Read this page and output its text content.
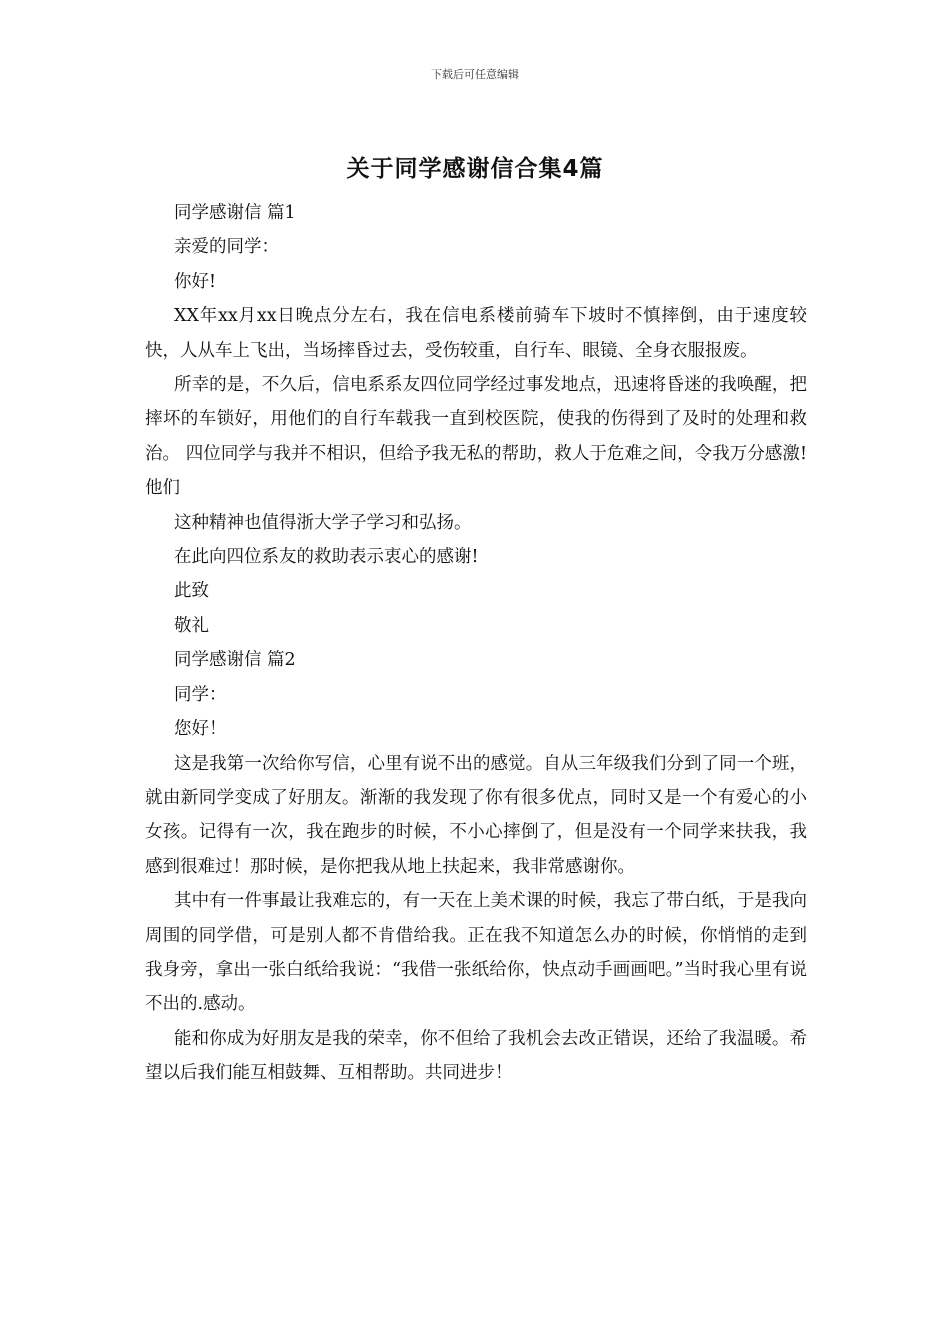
下载后可任意编辑
关于同学感谢信合集4篇

同学感谢信 篇1

亲爱的同学：

你好!

XX年xx月xx日晚点分左右，我在信电系楼前骑车下坡时不慎摔倒，由于速度较快，人从车上飞出，当场摔昏过去，受伤较重，自行车、眼镜、全身衣服报废。

所幸的是，不久后，信电系系友四位同学经过事发地点，迅速将昏迷的我唤醒，把摔坏的车锁好，用他们的自行车载我一直到校医院，使我的伤得到了及时的处理和救治。 四位同学与我并不相识，但给予我无私的帮助，救人于危难之间，令我万分感激!他们

这种精神也值得浙大学子学习和弘扬。

在此向四位系友的救助表示衷心的感谢!

此致

敬礼

同学感谢信 篇2

同学：

您好！

这是我第一次给你写信，心里有说不出的感觉。自从三年级我们分到了同一个班，就由新同学变成了好朋友。渐渐的我发现了你有很多优点，同时又是一个有爱心的小女孩。记得有一次，我在跑步的时候，不小心摔倒了，但是没有一个同学来扶我，我感到很难过！那时候，是你把我从地上扶起来，我非常感谢你。

其中有一件事最让我难忘的，有一天在上美术课的时候，我忘了带白纸，于是我向周围的同学借，可是别人都不肯借给我。正在我不知道怎么办的时候，你悄悄的走到我身旁，拿出一张白纸给我说：“我借一张纸给你，快点动手画画吧。”当时我心里有说不出的.感动。

能和你成为好朋友是我的荣幸，你不但给了我机会去改正错误，还给了我温暖。希望以后我们能互相鼓舞、互相帮助。共同进步！
